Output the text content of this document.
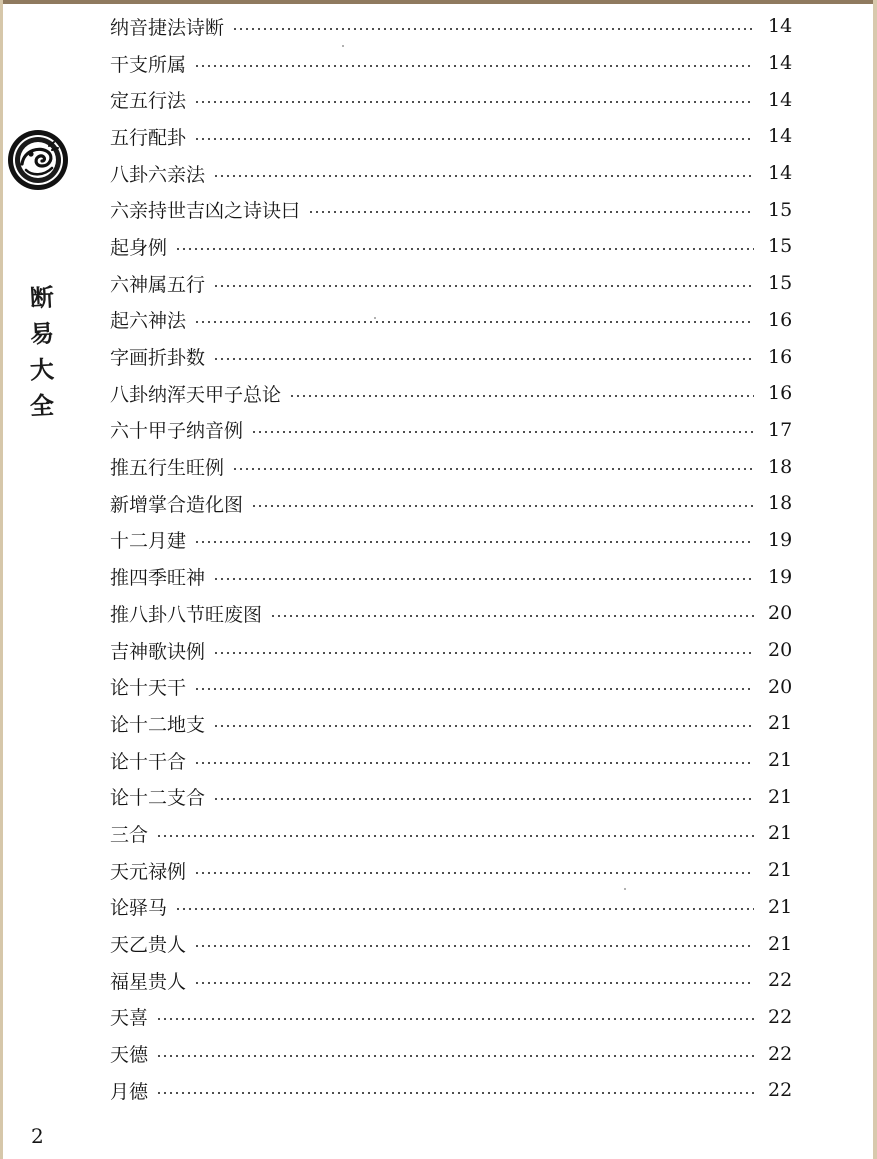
断
易
大
全
纳音捷法诗断	14
干支所属	14
定五行法	14
五行配卦	14
八卦六亲法	14
六亲持世吉凶之诗诀曰	15
起身例	15
六神属五行	15
起六神法	16
字画折卦数	16
八卦纳浑天甲子总论	16
六十甲子纳音例	17
推五行生旺例	18
新增掌合造化图	18
十二月建	19
推四季旺神	19
推八卦八节旺废图	20
吉神歌诀例	20
论十天干	20
论十二地支	21
论十干合	21
论十二支合	21
三合	21
天元禄例	21
论驿马	21
天乙贵人	21
福星贵人	22
天喜	22
天德	22
月德	22
2
